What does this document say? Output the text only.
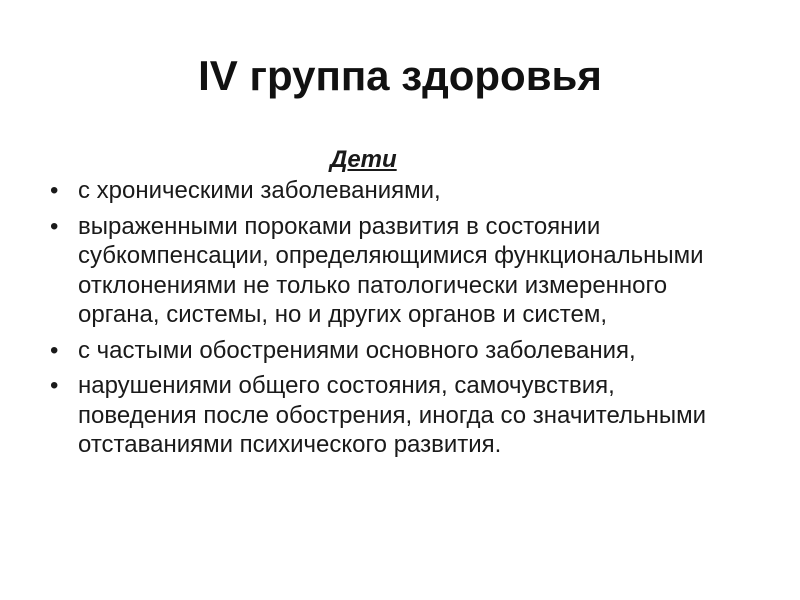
IV группа здоровья
Дети
• с хроническими заболеваниями,
• выраженными пороками развития в состоянии субкомпенсации, определяющимися функциональными отклонениями не только патологически измеренного органа, системы, но и других органов и систем,
• с частыми обострениями основного заболевания,
• нарушениями общего состояния, самочувствия, поведения после обострения, иногда со значительными отставаниями психического развития.
